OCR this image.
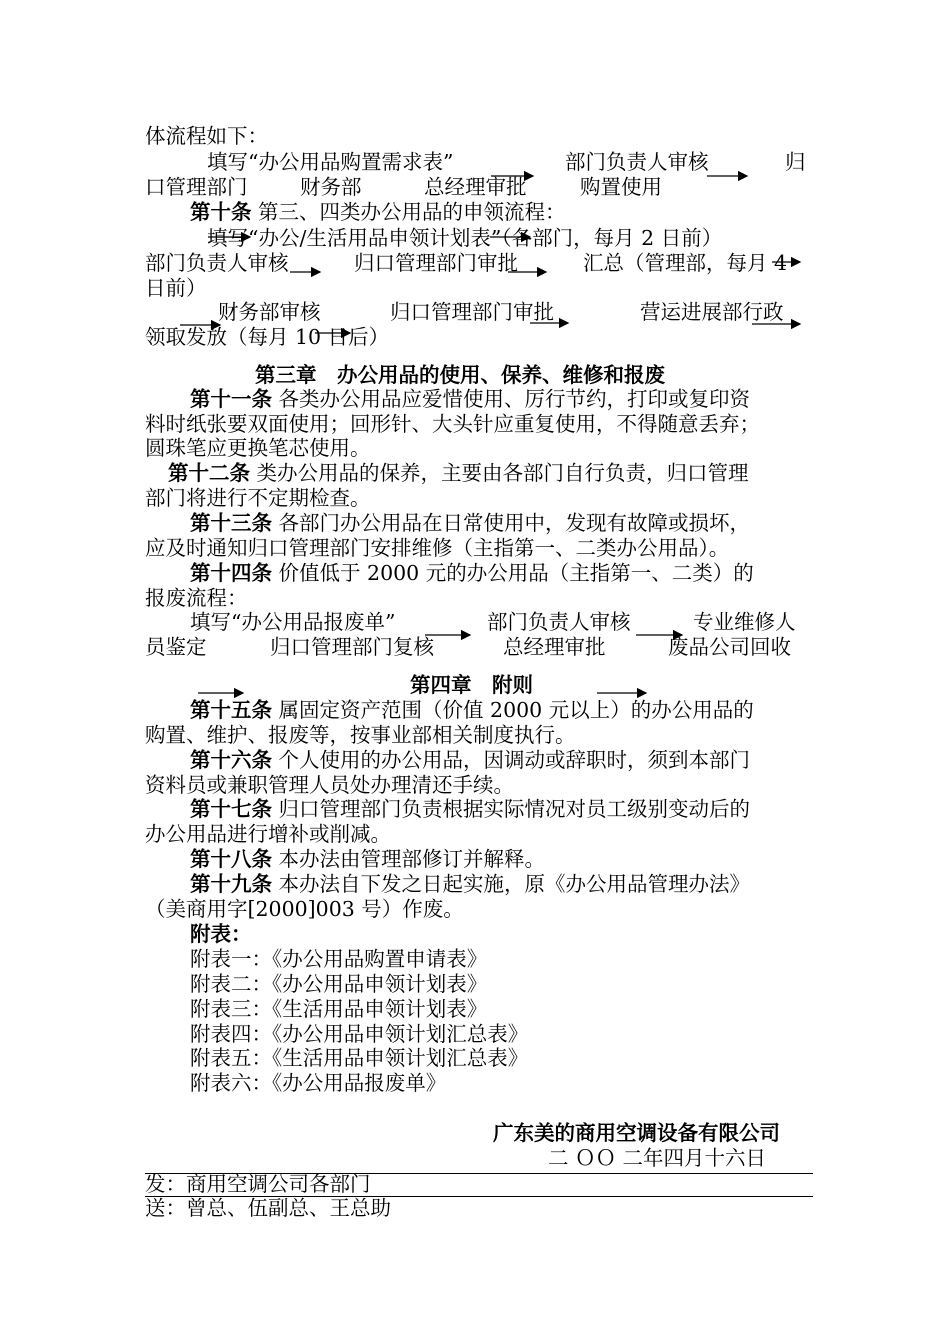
体流程如下：
填写“办公用品购置需求表”	部门负责人审核	归
口管理部门	财务部	总经理审批	购置使用
第十条 第三、四类办公用品的申领流程：
填写“办公/生活用品申领计划表”（各部门，每月 2 日前）
部门负责人审核	归口管理部门审批	汇总（管理部，每月 4
日前）
财务部审核	归口管理部门审批	营运进展部行政
领取发放（每月 10 日后）
第三章　办公用品的使用、保养、维修和报废
第十一条 各类办公用品应爱惜使用、厉行节约，打印或复印资
料时纸张要双面使用；回形针、大头针应重复使用，不得随意丢弃；
圆珠笔应更换笔芯使用。
第十二条 类办公用品的保养，主要由各部门自行负责，归口管理
部门将进行不定期检查。
第十三条 各部门办公用品在日常使用中，发现有故障或损坏，
应及时通知归口管理部门安排维修（主指第一、二类办公用品）。
第十四条 价值低于 2000 元的办公用品（主指第一、二类）的
报废流程：
填写“办公用品报废单”	部门负责人审核	专业维修人
员鉴定	归口管理部门复核	总经理审批	废品公司回收
第四章　附则
第十五条 属固定资产范围（价值 2000 元以上）的办公用品的
购置、维护、报废等，按事业部相关制度执行。
第十六条 个人使用的办公用品，因调动或辞职时，须到本部门
资料员或兼职管理人员处办理清还手续。
第十七条 归口管理部门负责根据实际情况对员工级别变动后的
办公用品进行增补或削减。
第十八条 本办法由管理部修订并解释。
第十九条 本办法自下发之日起实施，原《办公用品管理办法》
（美商用字[2000]003 号）作废。
附表：
附表一：《办公用品购置申请表》
附表二：《办公用品申领计划表》
附表三：《生活用品申领计划表》
附表四：《办公用品申领计划汇总表》
附表五：《生活用品申领计划汇总表》
附表六：《办公用品报废单》
广东美的商用空调设备有限公司
二 ＯＯ 二年四月十六日
发：商用空调公司各部门
送：曾总、伍副总、王总助
